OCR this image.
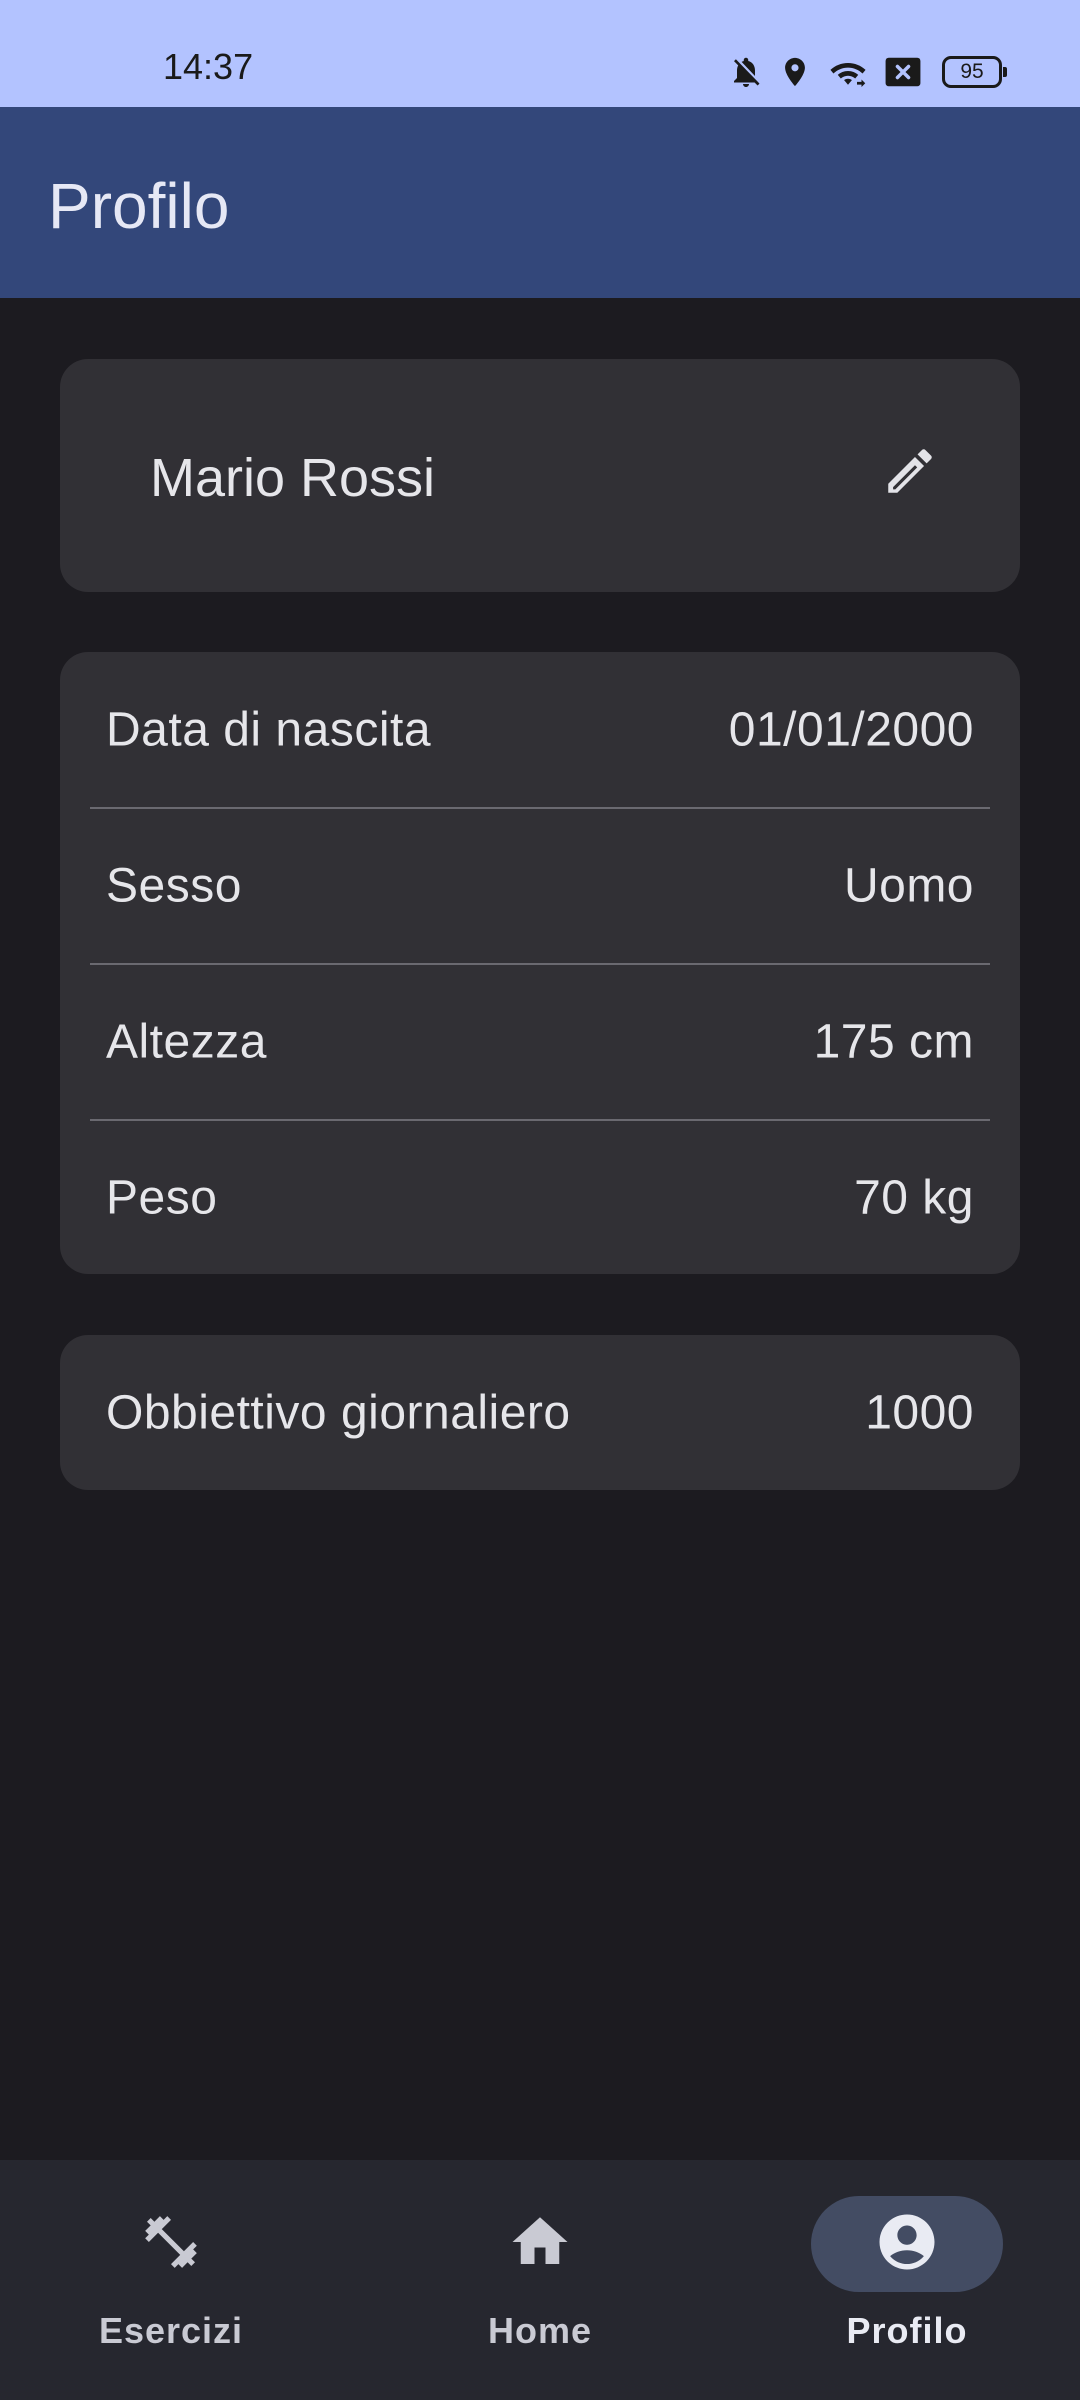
14:37	95
Profilo
Mario Rossi
Data di nascita	01/01/2000
Sesso	Uomo
Altezza	175 cm
Peso	70 kg
Obbiettivo giornaliero	1000
Esercizi	Home	Profilo
